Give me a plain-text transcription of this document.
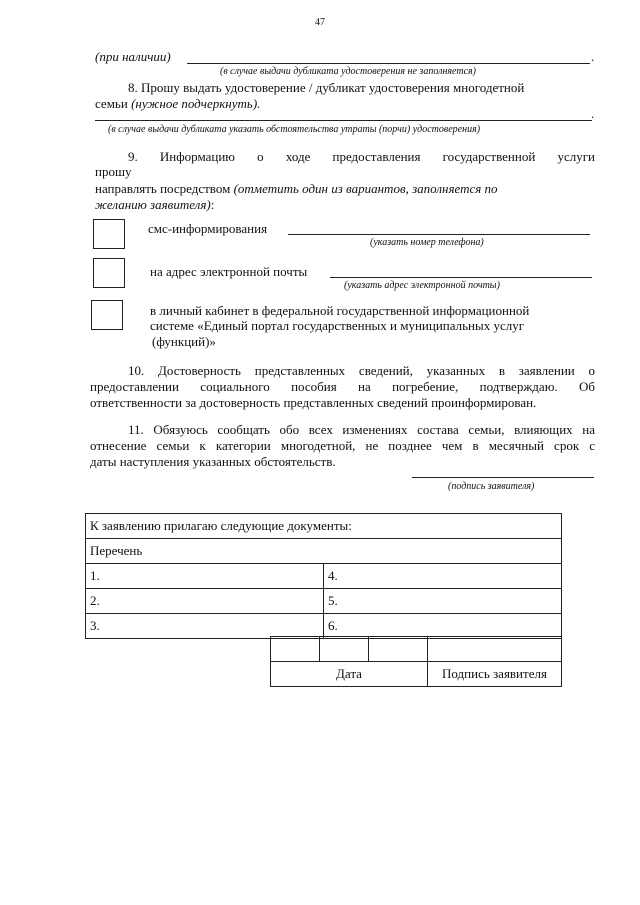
47
(при наличии)	.
(в случае выдачи дубликата удостоверения не заполняется)
8. Прошу выдать удостоверение / дубликат удостоверения многодетной
семьи (нужное подчеркнуть).
.
(в случае выдачи дубликата указать обстоятельства утраты (порчи) удостоверения)
9. Информацию о ходе предоставления государственной услуги
прошу
направлять посредством (отметить один из вариантов, заполняется по
желанию заявителя):
смс-информирования
(указать номер телефона)
на адрес электронной почты
(указать адрес электронной почты)
в личный кабинет в федеральной государственной информационной
системе «Единый портал государственных и муниципальных услуг
(функций)»
10. Достоверность представленных сведений, указанных в заявлении о
предоставлении социального пособия на погребение, подтверждаю. Об
ответственности за достоверность представленных сведений проинформирован.
11. Обязуюсь сообщать обо всех изменениях состава семьи, влияющих на
отнесение семьи к категории многодетной, не позднее чем в месячный срок с
даты наступления указанных обстоятельств.
(подпись заявителя)
К заявлению прилагаю следующие документы:	
Перечень	
1.	4.
2.	5.
3.	6.

Дата			Подпись заявителя
